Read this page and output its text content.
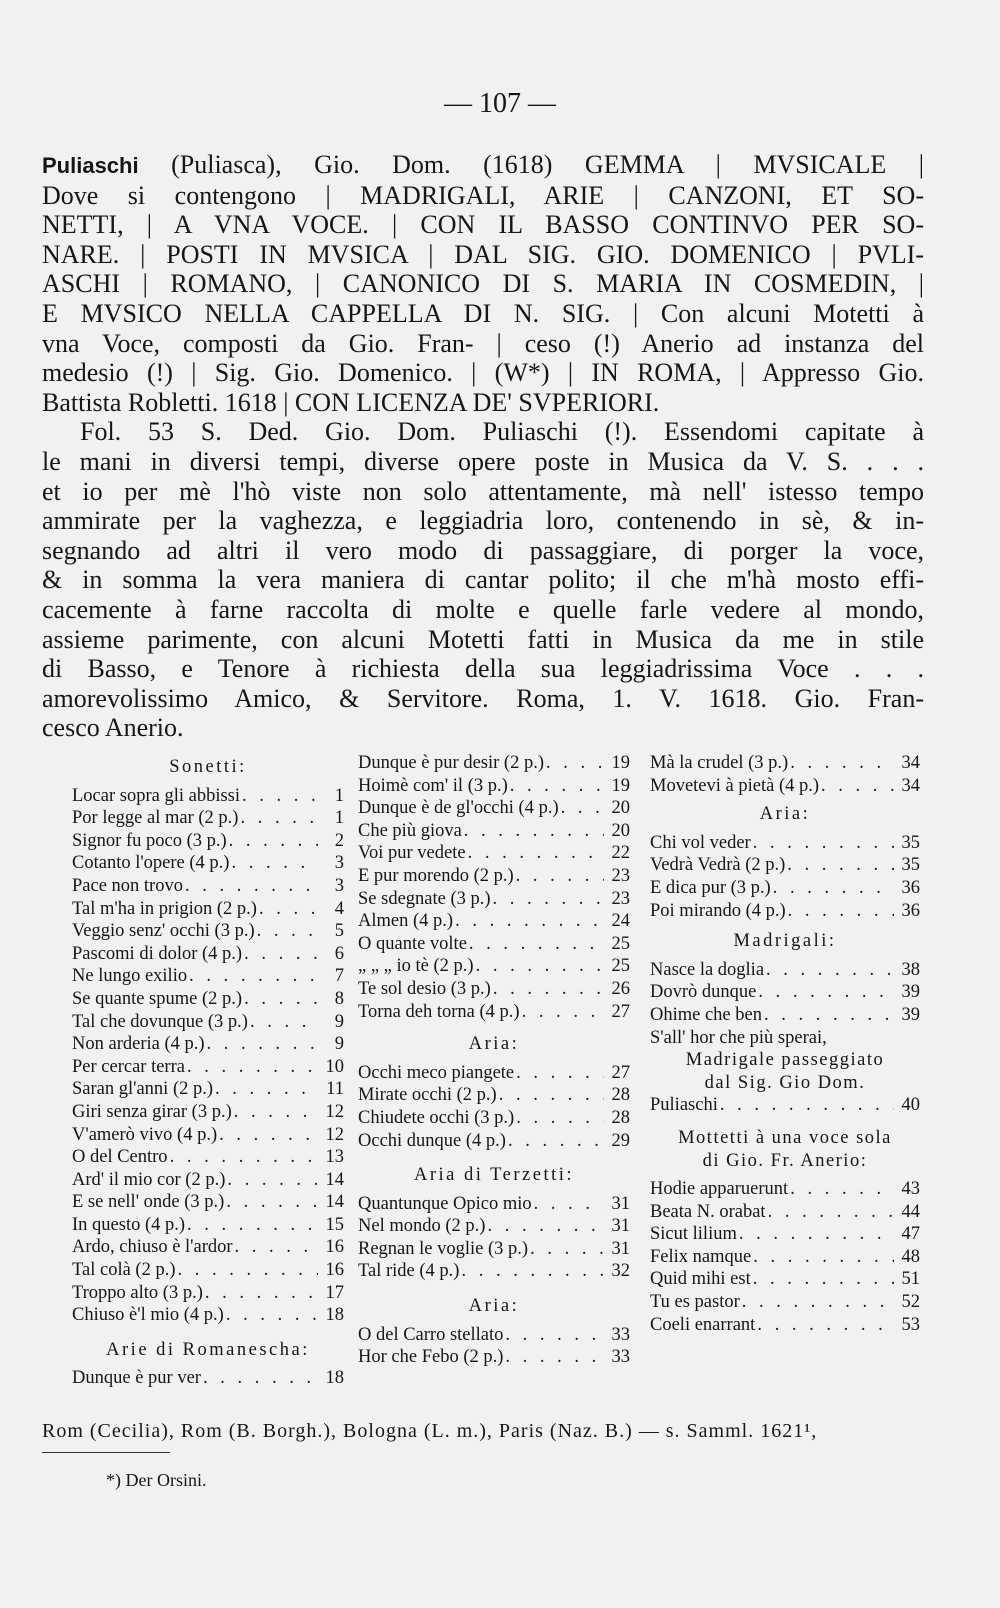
— 107 —

Puliaschi (Puliasca), Gio. Dom. (1618) GEMMA | MVSICALE |

Dove si contengono | MADRIGALI, ARIE | CANZONI, ET SO-

NETTI, | A VNA VOCE. | CON IL BASSO CONTINVO PER SO-

NARE. | POSTI IN MVSICA | DAL SIG. GIO. DOMENICO | PVLI-

ASCHI | ROMANO, | CANONICO DI S. MARIA IN COSMEDIN, |

E MVSICO NELLA CAPPELLA DI N. SIG. | Con alcuni Motetti à

vna Voce, composti da Gio. Fran- | ceso (!) Anerio ad instanza del

medesio (!) | Sig. Gio. Domenico. | (W*) | IN ROMA, | Appresso Gio.

Battista Robletti. 1618 | CON LICENZA DE' SVPERIORI.

Fol. 53 S. Ded. Gio. Dom. Puliaschi (!). Essendomi capitate à

le mani in diversi tempi, diverse opere poste in Musica da V. S. . . .

et io per mè l'hò viste non solo attentamente, mà nell' istesso tempo

ammirate per la vaghezza, e leggiadria loro, contenendo in sè, & in-

segnando ad altri il vero modo di passaggiare, di porger la voce,

& in somma la vera maniera di cantar polito; il che m'hà mosto effi-

cacemente à farne raccolta di molte e quelle farle vedere al mondo,

assieme parimente, con alcuni Motetti fatti in Musica da me in stile

di Basso, e Tenore à richiesta della sua leggiadrissima Voce . . .

amorevolissimo Amico, & Servitore. Roma, 1. V. 1618. Gio. Fran-

cesco Anerio.

Sonetti:
Locar sopra gli abbissi . . .	1
Por legge al mar (2 p.) . . .	1
Signor fu poco (3 p.) . . .	2
Cotanto l'opere (4 p.) . . .	3
Pace non trovo . . .	3
Tal m'ha in prigion (2 p.) . . .	4
Veggio senz' occhi (3 p.) . . .	5
Pascomi di dolor (4 p.) . . .	6
Ne lungo exilio . . .	7
Se quante spume (2 p.) . . .	8
Tal che dovunque (3 p.) . . .	9
Non arderia (4 p.) . . .	9
Per cercar terra . . .	10
Saran gl'anni (2 p.) . . .	11
Giri senza girar (3 p.) . . .	12
V'amerò vivo (4 p.) . . .	12
O del Centro . . .	13
Ard' il mio cor (2 p.) . . .	14
E se nell' onde (3 p.) . . .	14
In questo (4 p.) . . .	15
Ardo, chiuso è l'ardor . . .	16
Tal colà (2 p.) . . .	16
Troppo alto (3 p.) . . .	17
Chiuso è'l mio (4 p.) . . .	18
Arie di Romanescha:
Dunque è pur ver . . .	18
Dunque è pur desir (2 p.) . . .	19
Hoimè com' il (3 p.) . . .	19
Dunque è de gl'occhi (4 p.) . . .	20
Che più giova . . .	20
Voi pur vedete . . .	22
E pur morendo (2 p.) . . .	23
Se sdegnate (3 p.) . . .	23
Almen (4 p.) . . .	24
O quante volte . . .	25
„ „ „ io tè (2 p.) . . .	25
Te sol desio (3 p.) . . .	26
Torna deh torna (4 p.) . . .	27
Aria:
Occhi meco piangete . . .	27
Mirate occhi (2 p.) . . .	28
Chiudete occhi (3 p.) . . .	28
Occhi dunque (4 p.) . . .	29
Aria di Terzetti:
Quantunque Opico mio . . .	31
Nel mondo (2 p.) . . .	31
Regnan le voglie (3 p.) . . .	31
Tal ride (4 p.) . . .	32
Aria:
O del Carro stellato . . .	33
Hor che Febo (2 p.) . . .	33
Mà la crudel (3 p.) . . .	34
Movetevi à pietà (4 p.) . . .	34
Aria:
Chi vol veder . . .	35
Vedrà Vedrà (2 p.) . . .	35
E dica pur (3 p.) . . .	36
Poi mirando (4 p.) . . .	36
Madrigali:
Nasce la doglia . . .	38
Dovrò dunque . . .	39
Ohime che ben . . .	39
S'all' hor che più sperai,
Madrigale passeggiato
dal Sig. Gio Dom.
Puliaschi . . .	40
Mottetti à una voce sola
di Gio. Fr. Anerio:
Hodie apparuerunt . . .	43
Beata N. orabat . . .	44
Sicut lilium . . .	47
Felix namque . . .	48
Quid mihi est . . .	51
Tu es pastor . . .	52
Coeli enarrant . . .	53
Rom (Cecilia), Rom (B. Borgh.), Bologna (L. m.), Paris (Naz. B.) — s. Samml. 1621¹,
*) Der Orsini.
